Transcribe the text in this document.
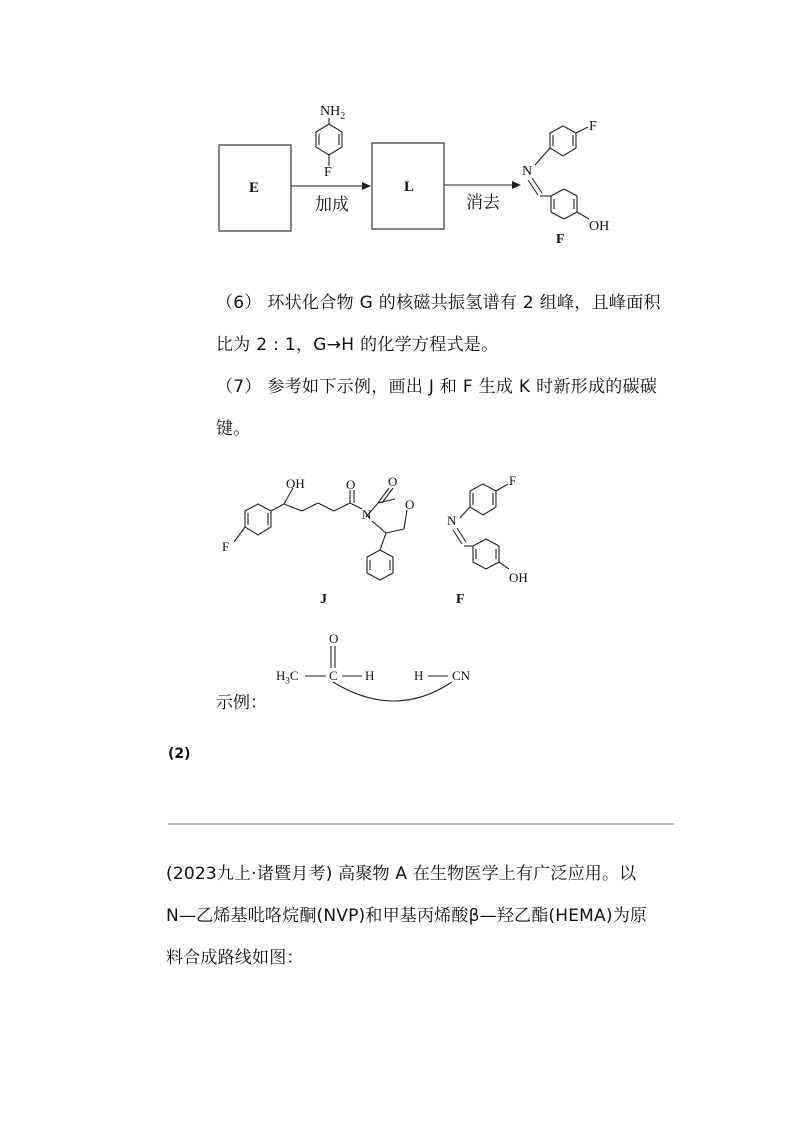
E	L
$NH_2$
F
加成	消去
N
F
OH
F
（6） 环状化合物 G 的核磁共振氢谱有 2 组峰，且峰面积
比为 2 : 1，G→H 的化学方程式是。
（7） 参考如下示例，画出 J 和 F 生成 K 时新形成的碳碳
键。
OH	O	O
N
O
F
J
F
N
OH
F
示例：
$H_3C$
O
C H	H CN
(2)
(2023九上·诸暨月考) 高聚物 A 在生物医学上有广泛应用。以
N—乙烯基吡咯烷酮(NVP)和甲基丙烯酸β—羟乙酯(HEMA)为原
料合成路线如图：
